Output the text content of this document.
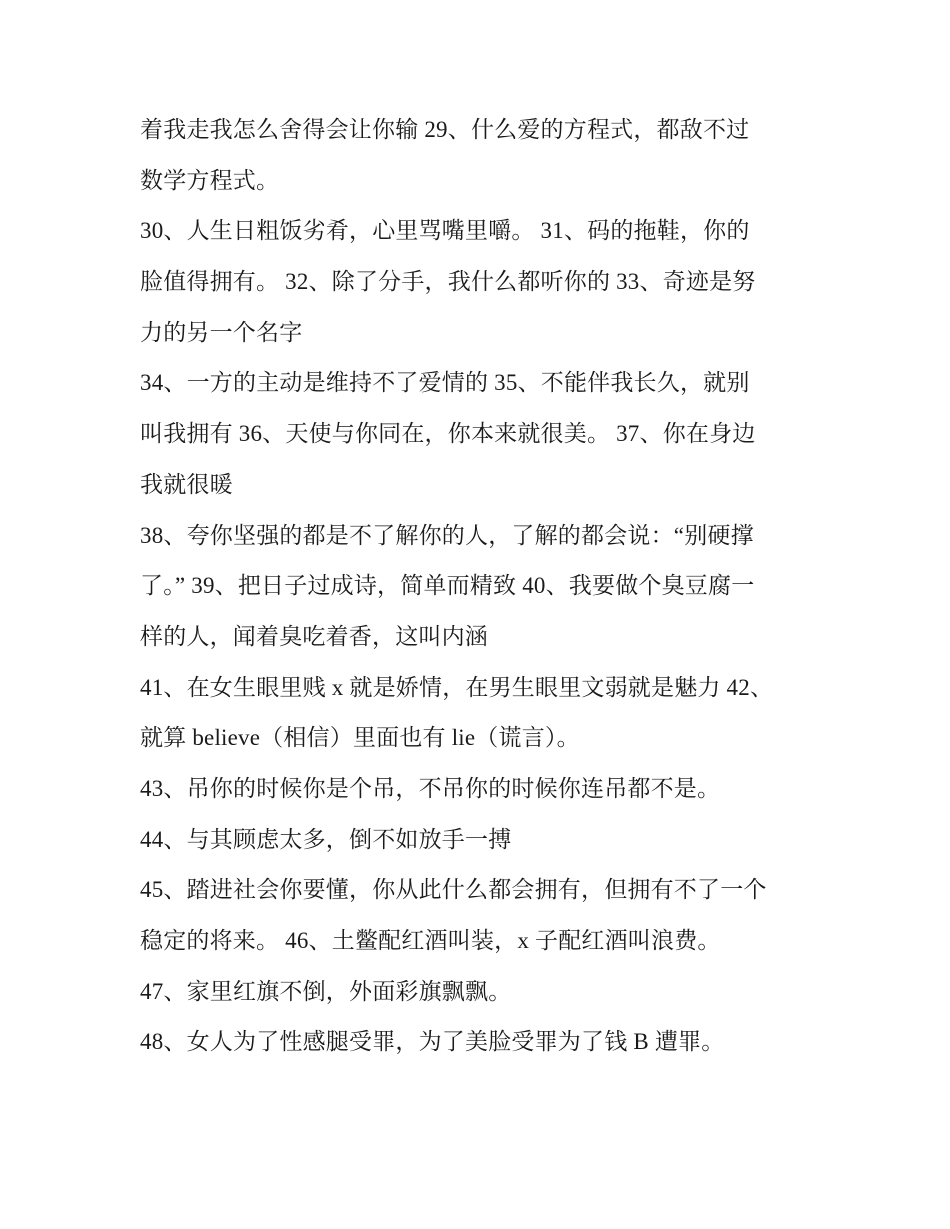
着我走我怎么舍得会让你输 29、什么爱的方程式，都敌不过
数学方程式。
30、人生日粗饭劣肴，心里骂嘴里嚼。 31、码的拖鞋，你的
脸值得拥有。 32、除了分手，我什么都听你的 33、奇迹是努
力的另一个名字
34、一方的主动是维持不了爱情的 35、不能伴我长久，就别
叫我拥有 36、天使与你同在，你本来就很美。 37、你在身边
我就很暖
38、夸你坚强的都是不了解你的人，了解的都会说：“别硬撑
了。” 39、把日子过成诗，简单而精致 40、我要做个臭豆腐一
样的人，闻着臭吃着香，这叫内涵
41、在女生眼里贱 x 就是娇情，在男生眼里文弱就是魅力 42、
就算 believe（相信）里面也有 lie（谎言）。
43、吊你的时候你是个吊，不吊你的时候你连吊都不是。
44、与其顾虑太多，倒不如放手一搏
45、踏进社会你要懂，你从此什么都会拥有，但拥有不了一个
稳定的将来。 46、土鳖配红酒叫装，x 子配红酒叫浪费。
47、家里红旗不倒，外面彩旗飘飘。
48、女人为了性感腿受罪，为了美脸受罪为了钱 B 遭罪。
